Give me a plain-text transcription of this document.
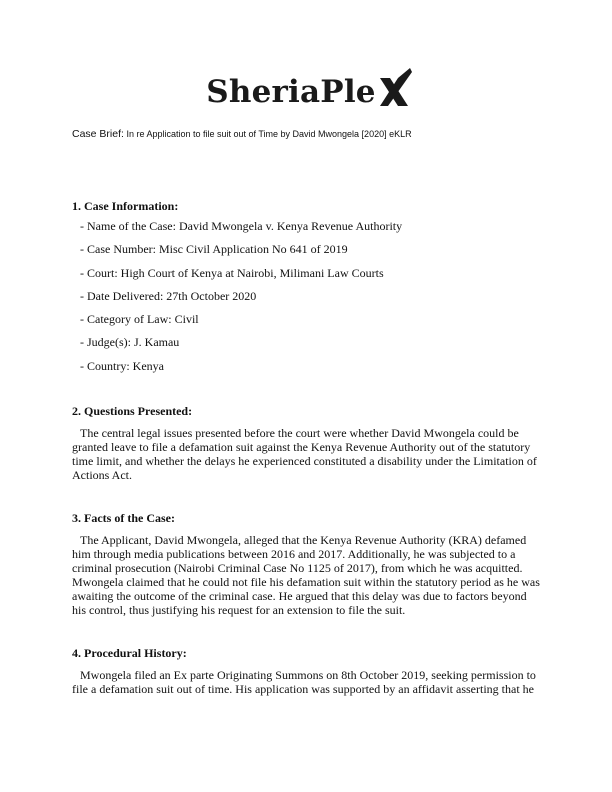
SheriaPle
Case Brief: In re Application to file suit out of Time by David Mwongela [2020] eKLR
1. Case Information:
- Name of the Case: David Mwongela v. Kenya Revenue Authority
- Case Number: Misc Civil Application No 641 of 2019
- Court: High Court of Kenya at Nairobi, Milimani Law Courts
- Date Delivered: 27th October 2020
- Category of Law: Civil
- Judge(s): J. Kamau
- Country: Kenya
2. Questions Presented:

The central legal issues presented before the court were whether David Mwongela could be granted leave to file a defamation suit against the Kenya Revenue Authority out of the statutory time limit, and whether the delays he experienced constituted a disability under the Limitation of Actions Act.

3. Facts of the Case:

The Applicant, David Mwongela, alleged that the Kenya Revenue Authority (KRA) defamed him through media publications between 2016 and 2017. Additionally, he was subjected to a criminal prosecution (Nairobi Criminal Case No 1125 of 2017), from which he was acquitted. Mwongela claimed that he could not file his defamation suit within the statutory period as he was awaiting the outcome of the criminal case. He argued that this delay was due to factors beyond his control, thus justifying his request for an extension to file the suit.

4. Procedural History:

Mwongela filed an Ex parte Originating Summons on 8th October 2019, seeking permission to file a defamation suit out of time. His application was supported by an affidavit asserting that he
